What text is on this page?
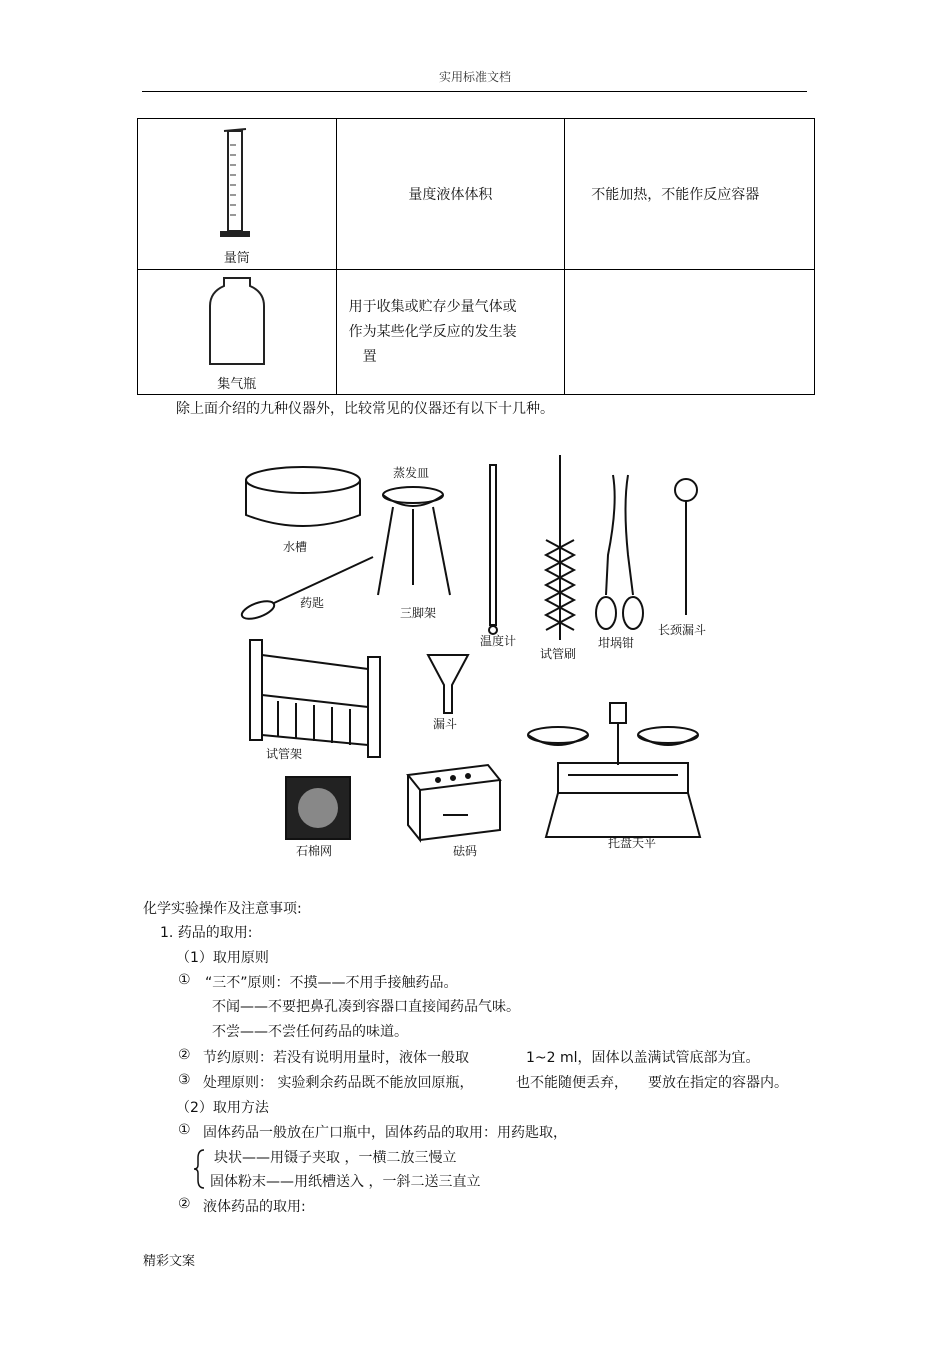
实用标准文档
量筒	量度液体体积	不能加热，不能作反应容器

集气瓶	用于收集或贮存少量气体或
作为某些化学反应的发生装
置	

除上面介绍的九种仪器外，比较常见的仪器还有以下十几种。
水槽
蒸发皿
药匙
三脚架
温度计
试管刷
坩埚钳
长颈漏斗
漏斗
试管架
石棉网	砝码
托盘天平
化学实验操作及注意事项:
1. 药品的取用:
（1）取用原则
① “三不”原则：不摸——不用手接触药品。
不闻——不要把鼻孔凑到容器口直接闻药品气味。
不尝——不尝任何药品的味道。
② 节约原则：若没有说明用量时，液体一般取	1~2 ml，固体以盖满试管底部为宜。
③ 处理原则： 实验剩余药品既不能放回原瓶，	也不能随便丢弃， 要放在指定的容器内。
（2）取用方法
① 固体药品一般放在广口瓶中，固体药品的取用：用药匙取，
块状——用镊子夹取 ，一横二放三慢立
固体粉末——用纸槽送入 ，一斜二送三直立
② 液体药品的取用:
精彩文案
